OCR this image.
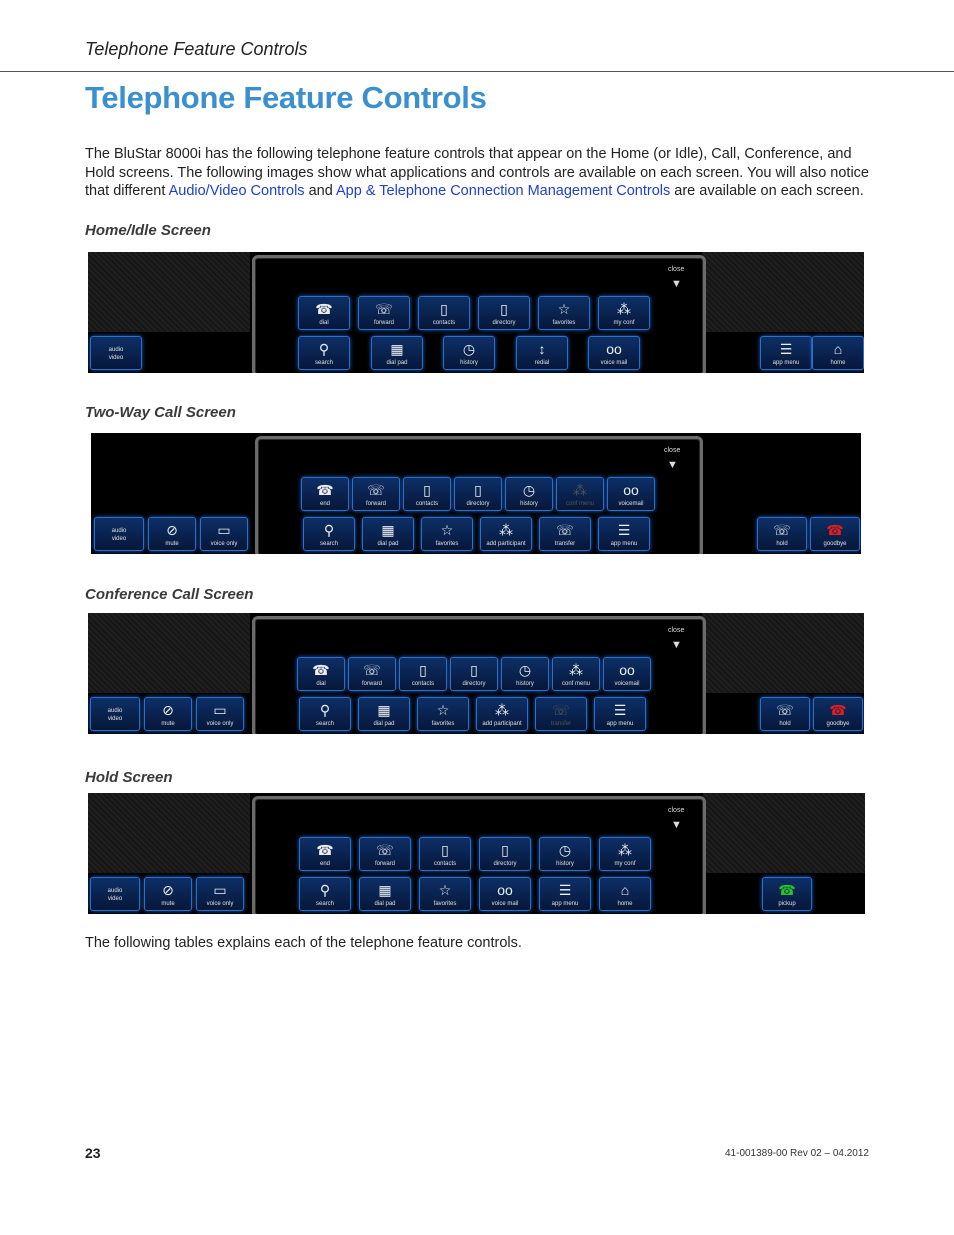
Telephone Feature Controls
Telephone Feature Controls
The BluStar 8000i has the following telephone feature controls that appear on the Home (or Idle), Call, Conference, and Hold screens. The following images show what applications and controls are available on each screen. You will also notice that different Audio/Video Controls and App & Telephone Connection Management Controls are available on each screen.
Home/Idle Screen
close
▼
☎
dial
☏
forward
▯
contacts
▯
directory
☆
favorites
⁂
my conf
⚲
search
▦
dial pad
◷
history
↕
redial
oo
voice mail
audio
video
☰
app menu
⌂
home
Two-Way Call Screen
close
▼
☎
end
☏
forward
▯
contacts
▯
directory
◷
history
⁂
conf menu
oo
voicemail
⚲
search
▦
dial pad
☆
favorites
⁂
add participant
☏
transfer
☰
app menu
audio
video
⊘
mute
▭
voice only
☏
hold
☎
goodbye
Conference Call Screen
close
▼
☎
dial
☏
forward
▯
contacts
▯
directory
◷
history
⁂
conf menu
oo
voicemail
⚲
search
▦
dial pad
☆
favorites
⁂
add participant
☏
transfer
☰
app menu
audio
video
⊘
mute
▭
voice only
☏
hold
☎
goodbye
Hold Screen
close
▼
☎
end
☏
forward
▯
contacts
▯
directory
◷
history
⁂
my conf
⚲
search
▦
dial pad
☆
favorites
oo
voice mail
☰
app menu
⌂
home
audio
video
⊘
mute
▭
voice only
☎
pickup
The following tables explains each of the telephone feature controls.
23	41-001389-00 Rev 02 – 04.2012
